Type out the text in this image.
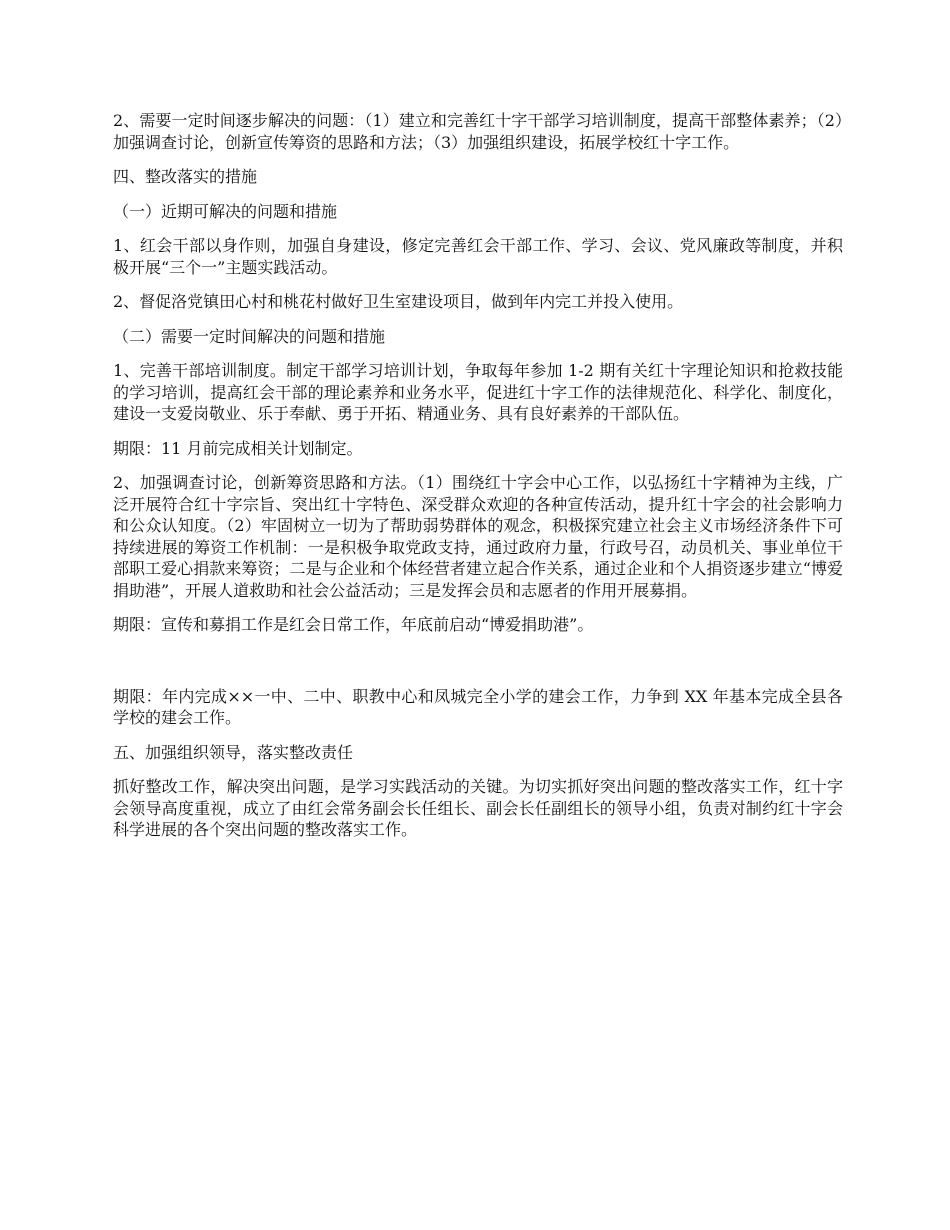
2、需要一定时间逐步解决的问题：（1）建立和完善红十字干部学习培训制度，提高干部整体素养；（2）加强调查讨论，创新宣传筹资的思路和方法；（3）加强组织建设，拓展学校红十字工作。

四、整改落实的措施

（一）近期可解决的问题和措施

1、红会干部以身作则，加强自身建设，修定完善红会干部工作、学习、会议、党风廉政等制度，并积极开展“三个一”主题实践活动。

2、督促洛党镇田心村和桃花村做好卫生室建设项目，做到年内完工并投入使用。

（二）需要一定时间解决的问题和措施

1、完善干部培训制度。制定干部学习培训计划，争取每年参加 1-2 期有关红十字理论知识和抢救技能的学习培训，提高红会干部的理论素养和业务水平，促进红十字工作的法律规范化、科学化、制度化，建设一支爱岗敬业、乐于奉献、勇于开拓、精通业务、具有良好素养的干部队伍。

期限：11 月前完成相关计划制定。

2、加强调查讨论，创新筹资思路和方法。（1）围绕红十字会中心工作，以弘扬红十字精神为主线，广泛开展符合红十字宗旨、突出红十字特色、深受群众欢迎的各种宣传活动，提升红十字会的社会影响力和公众认知度。（2）牢固树立一切为了帮助弱势群体的观念，积极探究建立社会主义市场经济条件下可持续进展的筹资工作机制：一是积极争取党政支持，通过政府力量，行政号召，动员机关、事业单位干部职工爱心捐款来筹资；二是与企业和个体经营者建立起合作关系，通过企业和个人捐资逐步建立“博爱捐助港”，开展人道救助和社会公益活动；三是发挥会员和志愿者的作用开展募捐。

期限：宣传和募捐工作是红会日常工作，年底前启动“博爱捐助港”。

期限：年内完成××一中、二中、职教中心和凤城完全小学的建会工作，力争到 XX 年基本完成全县各学校的建会工作。

五、加强组织领导，落实整改责任

抓好整改工作，解决突出问题，是学习实践活动的关键。为切实抓好突出问题的整改落实工作，红十字会领导高度重视，成立了由红会常务副会长任组长、副会长任副组长的领导小组，负责对制约红十字会科学进展的各个突出问题的整改落实工作。
